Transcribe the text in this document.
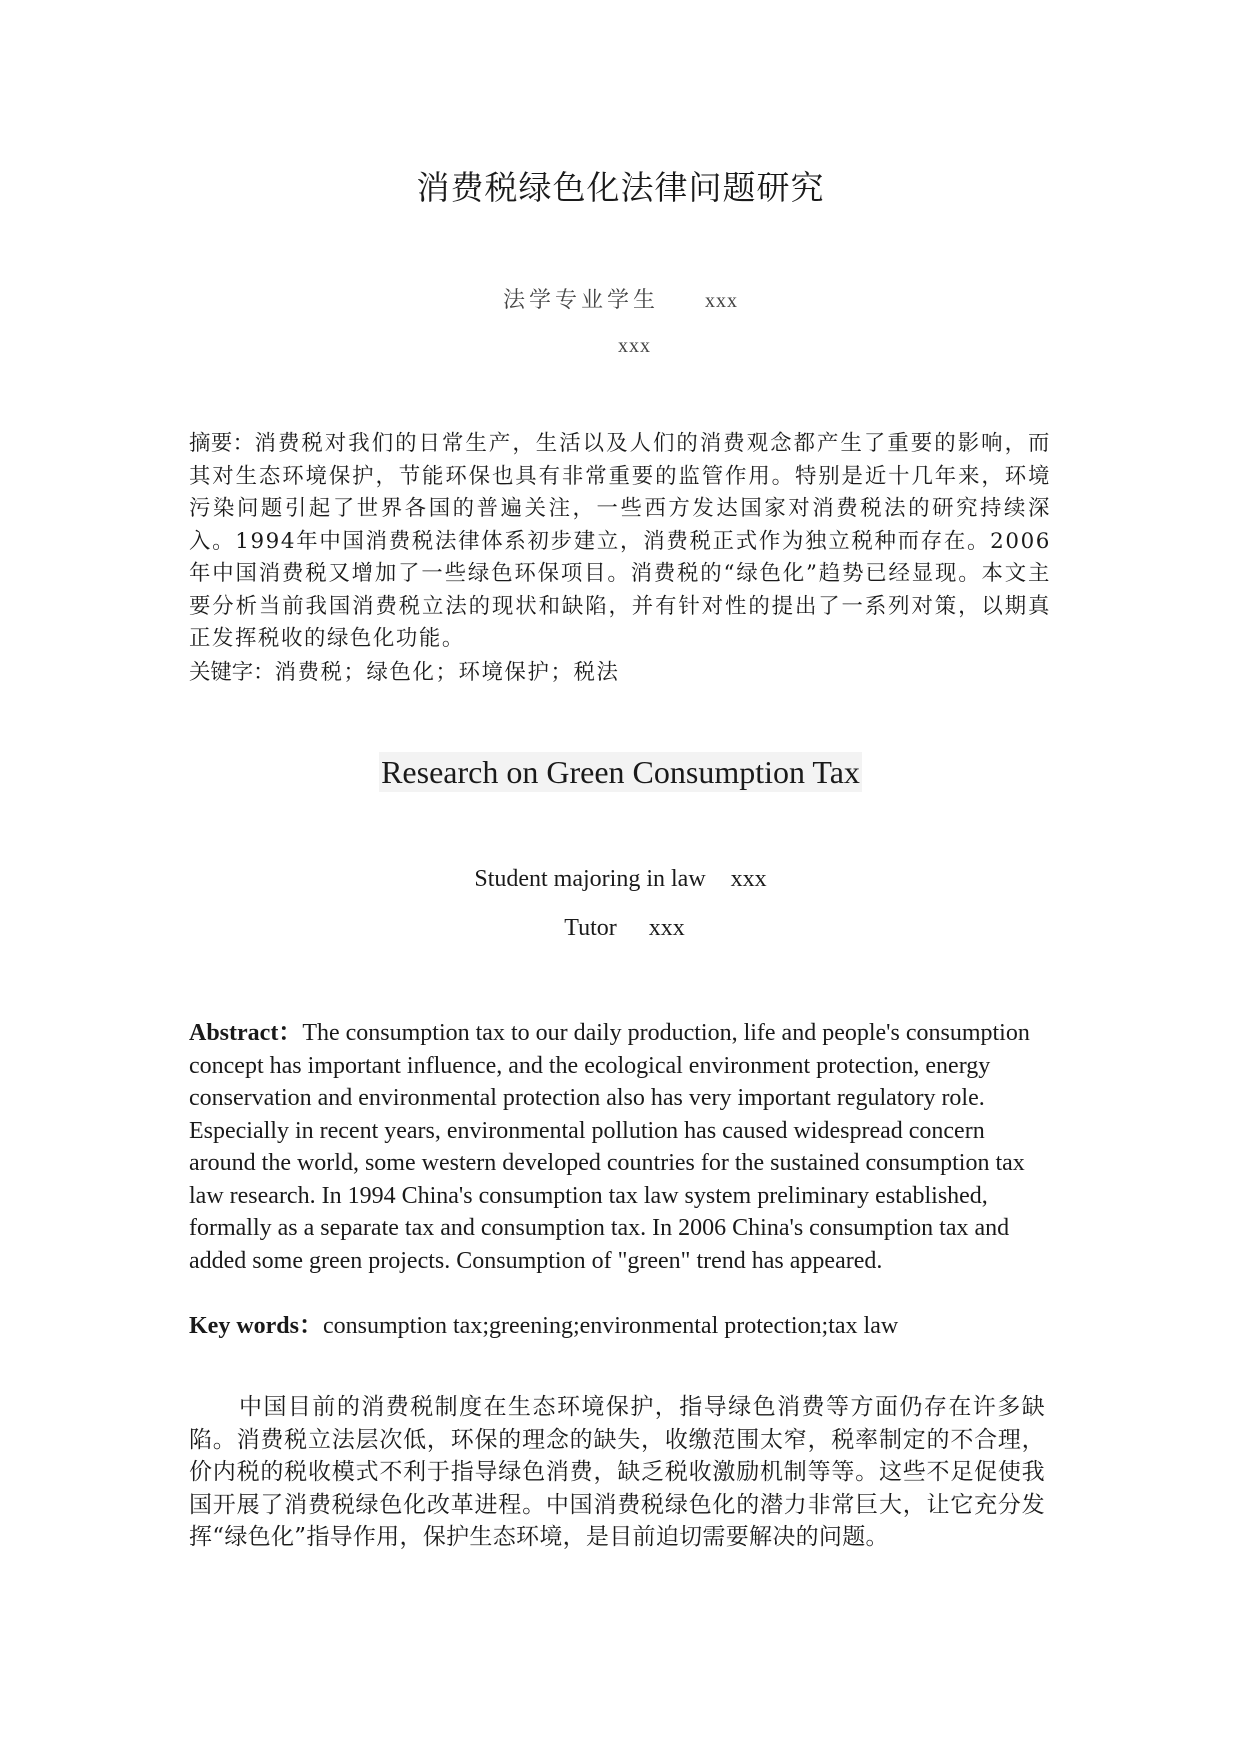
消费税绿色化法律问题研究
法学专业学生 xxx
xxx

摘要：消费税对我们的日常生产，生活以及人们的消费观念都产生了重要的影响，而其对生态环境保护，节能环保也具有非常重要的监管作用。特别是近十几年来，环境污染问题引起了世界各国的普遍关注，一些西方发达国家对消费税法的研究持续深入。1994年中国消费税法律体系初步建立，消费税正式作为独立税种而存在。2006年中国消费税又增加了一些绿色环保项目。消费税的“绿色化”趋势已经显现。本文主要分析当前我国消费税立法的现状和缺陷，并有针对性的提出了一系列对策，以期真正发挥税收的绿色化功能。

关键字：消费税；绿色化；环境保护；税法

Research on Green Consumption Tax
Student majoring in law xxx
Tutor xxx

Abstract：The consumption tax to our daily production, life and people's consumption concept has important influence, and the ecological environment protection, energy conservation and environmental protection also has very important regulatory role. Especially in recent years, environmental pollution has caused widespread concern around the world, some western developed countries for the sustained consumption tax law research. In 1994 China's consumption tax law system preliminary established, formally as a separate tax and consumption tax. In 2006 China's consumption tax and added some green projects. Consumption of "green" trend has appeared.

Key words：consumption tax;greening;environmental protection;tax law

中国目前的消费税制度在生态环境保护，指导绿色消费等方面仍存在许多缺陷。消费税立法层次低，环保的理念的缺失，收缴范围太窄，税率制定的不合理，价内税的税收模式不利于指导绿色消费，缺乏税收激励机制等等。这些不足促使我国开展了消费税绿色化改革进程。中国消费税绿色化的潜力非常巨大，让它充分发挥“绿色化”指导作用，保护生态环境，是目前迫切需要解决的问题。
